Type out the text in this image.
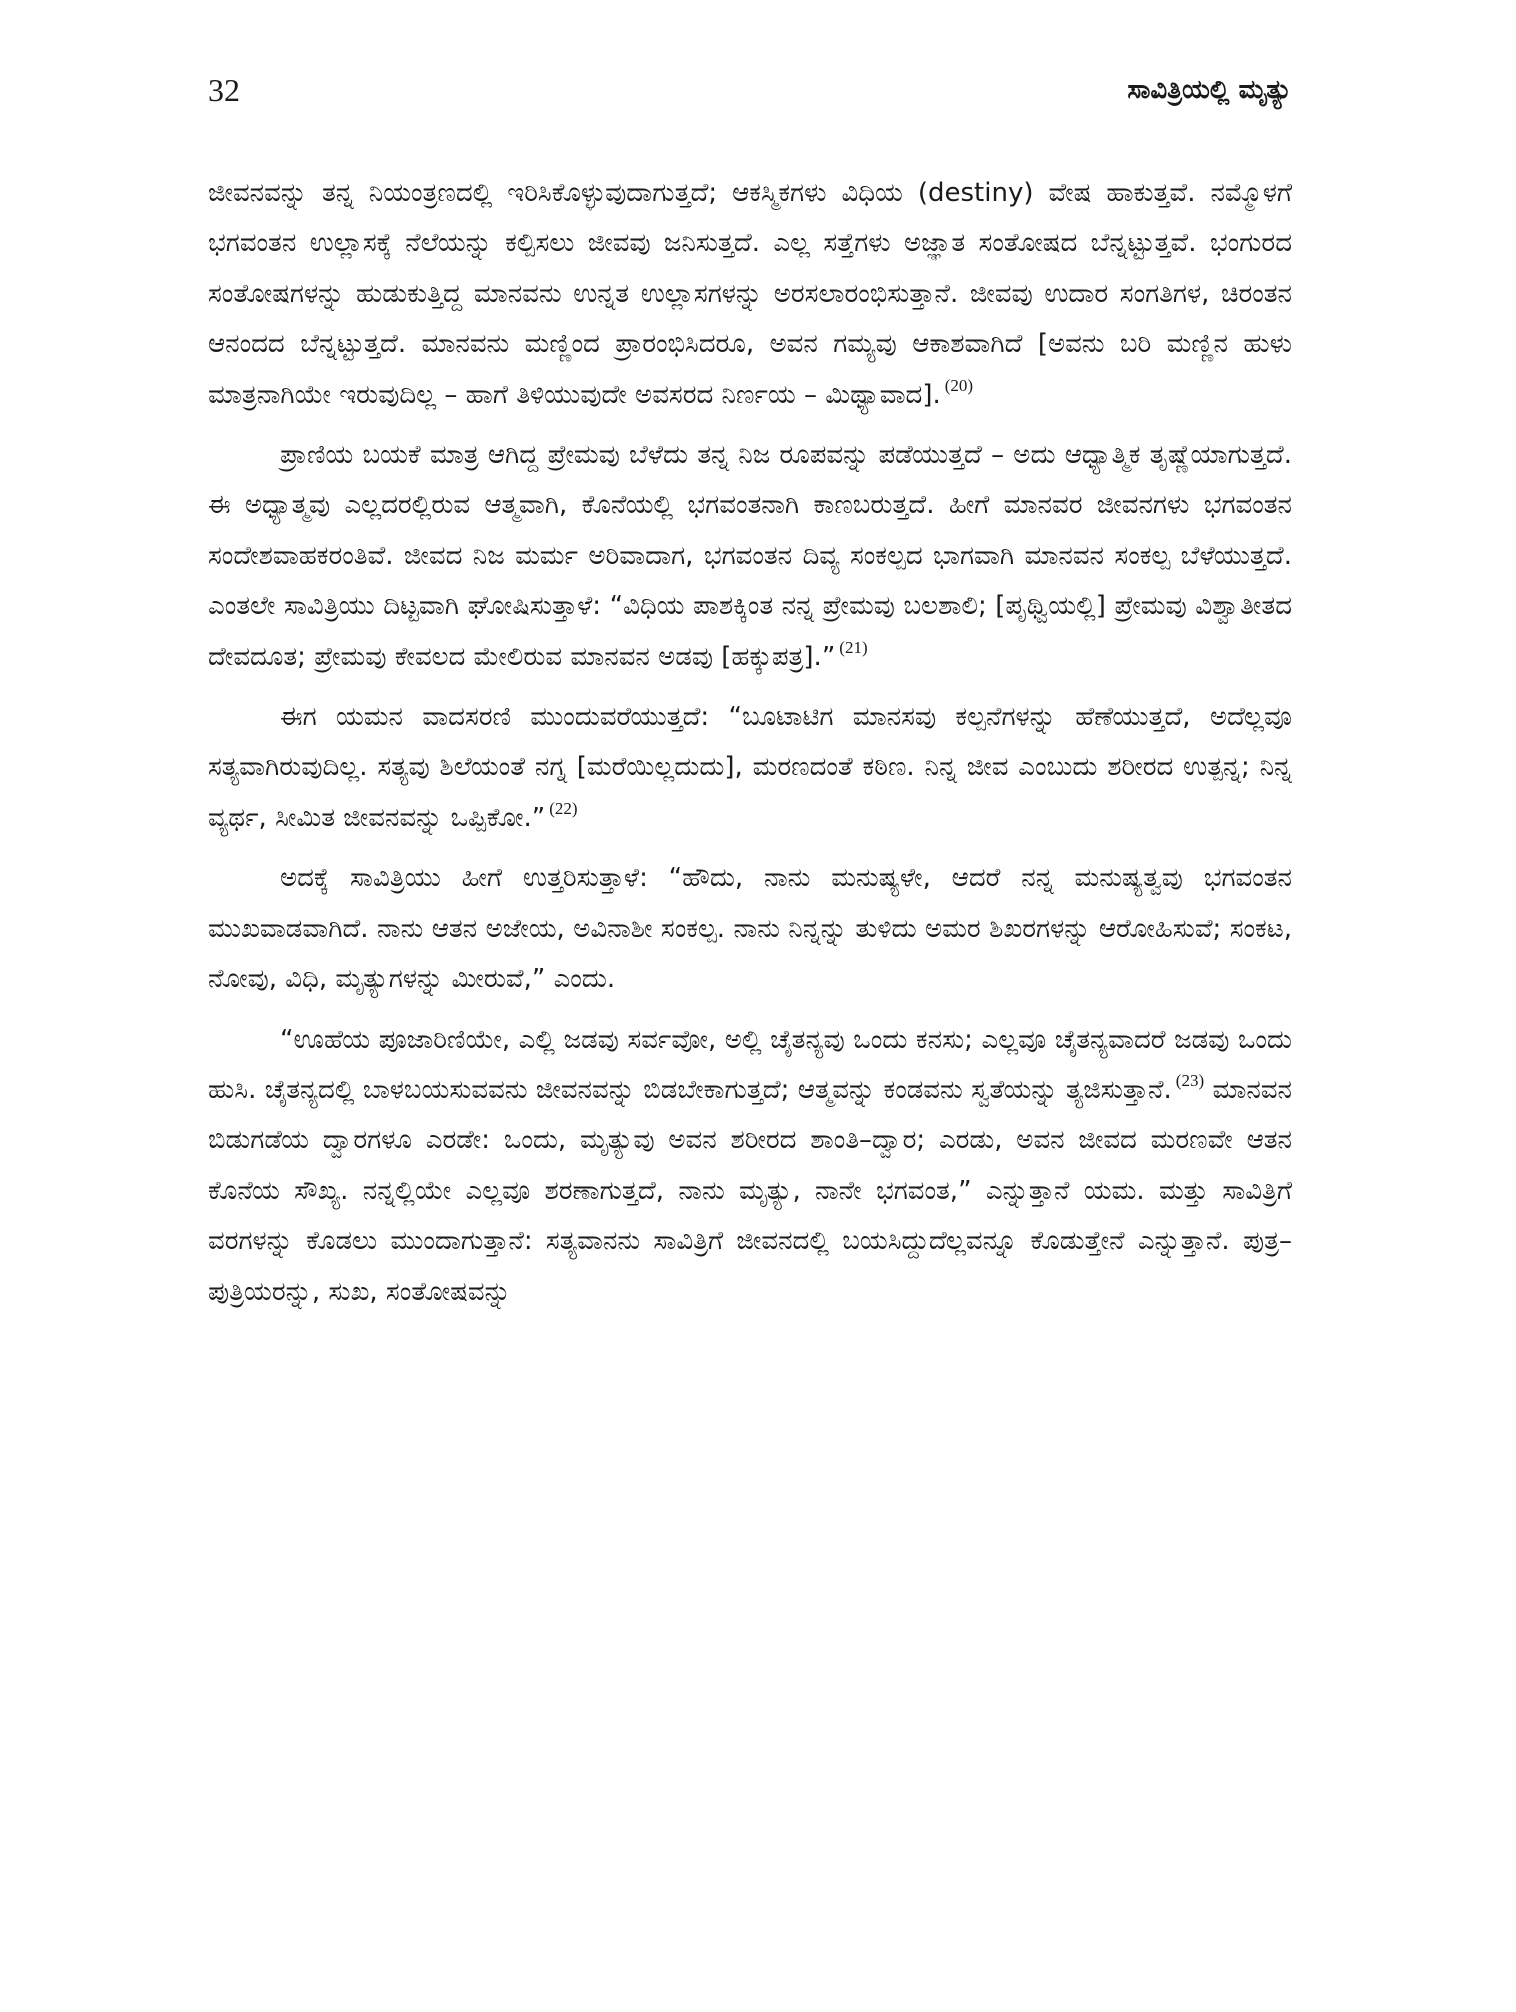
32	ಸಾವಿತ್ರಿಯಲ್ಲಿ ಮೃತ್ಯು

ಜೀವನವನ್ನು ತನ್ನ ನಿಯಂತ್ರಣದಲ್ಲಿ ಇರಿಸಿಕೊಳ್ಳುವುದಾಗುತ್ತದೆ; ಆಕಸ್ಮಿಕಗಳು ವಿಧಿಯ (destiny) ವೇಷ ಹಾಕುತ್ತವೆ. ನಮ್ಮೊಳಗೆ ಭಗವಂತನ ಉಲ್ಲಾಸಕ್ಕೆ ನೆಲೆಯನ್ನು ಕಲ್ಪಿಸಲು ಜೀವವು ಜನಿಸುತ್ತದೆ. ಎಲ್ಲ ಸತ್ತೆಗಳು ಅಜ್ಞಾತ ಸಂತೋಷದ ಬೆನ್ನಟ್ಟುತ್ತವೆ. ಭಂಗುರದ ಸಂತೋಷಗಳನ್ನು ಹುಡುಕುತ್ತಿದ್ದ ಮಾನವನು ಉನ್ನತ ಉಲ್ಲಾಸಗಳನ್ನು ಅರಸಲಾರಂಭಿಸುತ್ತಾನೆ. ಜೀವವು ಉದಾರ ಸಂಗತಿಗಳ, ಚಿರಂತನ ಆನಂದದ ಬೆನ್ನಟ್ಟುತ್ತದೆ. ಮಾನವನು ಮಣ್ಣಿಂದ ಪ್ರಾರಂಭಿಸಿದರೂ, ಅವನ ಗಮ್ಯವು ಆಕಾಶವಾಗಿದೆ [ಅವನು ಬರಿ ಮಣ್ಣಿನ ಹುಳು ಮಾತ್ರನಾಗಿಯೇ ಇರುವುದಿಲ್ಲ – ಹಾಗೆ ತಿಳಿಯುವುದೇ ಅವಸರದ ನಿರ್ಣಯ – ಮಿಥ್ಯಾವಾದ]. $^{(20)}$

ಪ್ರಾಣಿಯ ಬಯಕೆ ಮಾತ್ರ ಆಗಿದ್ದ ಪ್ರೇಮವು ಬೆಳೆದು ತನ್ನ ನಿಜ ರೂಪವನ್ನು ಪಡೆಯುತ್ತದೆ – ಅದು ಆಧ್ಯಾತ್ಮಿಕ ತೃಷ್ಣೆಯಾಗುತ್ತದೆ. ಈ ಅಧ್ಯಾತ್ಮವು ಎಲ್ಲದರಲ್ಲಿರುವ ಆತ್ಮವಾಗಿ, ಕೊನೆಯಲ್ಲಿ ಭಗವಂತನಾಗಿ ಕಾಣಬರುತ್ತದೆ. ಹೀಗೆ ಮಾನವರ ಜೀವನಗಳು ಭಗವಂತನ ಸಂದೇಶವಾಹಕರಂತಿವೆ. ಜೀವದ ನಿಜ ಮರ್ಮ ಅರಿವಾದಾಗ, ಭಗವಂತನ ದಿವ್ಯ ಸಂಕಲ್ಪದ ಭಾಗವಾಗಿ ಮಾನವನ ಸಂಕಲ್ಪ ಬೆಳೆಯುತ್ತದೆ. ಎಂತಲೇ ಸಾವಿತ್ರಿಯು ದಿಟ್ಟವಾಗಿ ಘೋಷಿಸುತ್ತಾಳೆ: “ವಿಧಿಯ ಪಾಶಕ್ಕಿಂತ ನನ್ನ ಪ್ರೇಮವು ಬಲಶಾಲಿ; [ಪೃಥ್ವಿಯಲ್ಲಿ] ಪ್ರೇಮವು ವಿಶ್ವಾತೀತದ ದೇವದೂತ; ಪ್ರೇಮವು ಕೇವಲದ ಮೇಲಿರುವ ಮಾನವನ ಅಡವು [ಹಕ್ಕುಪತ್ರ].” $^{(21)}$

ಈಗ ಯಮನ ವಾದಸರಣಿ ಮುಂದುವರೆಯುತ್ತದೆ: “ಬೂಟಾಟಿಗ ಮಾನಸವು ಕಲ್ಪನೆಗಳನ್ನು ಹೆಣೆಯುತ್ತದೆ, ಅದೆಲ್ಲವೂ ಸತ್ಯವಾಗಿರುವುದಿಲ್ಲ. ಸತ್ಯವು ಶಿಲೆಯಂತೆ ನಗ್ನ [ಮರೆಯಿಲ್ಲದುದು], ಮರಣದಂತೆ ಕಠಿಣ. ನಿನ್ನ ಜೀವ ಎಂಬುದು ಶರೀರದ ಉತ್ಪನ್ನ; ನಿನ್ನ ವ್ಯರ್ಥ, ಸೀಮಿತ ಜೀವನವನ್ನು ಒಪ್ಪಿಕೋ.” $^{(22)}$

ಅದಕ್ಕೆ ಸಾವಿತ್ರಿಯು ಹೀಗೆ ಉತ್ತರಿಸುತ್ತಾಳೆ: “ಹೌದು, ನಾನು ಮನುಷ್ಯಳೇ, ಆದರೆ ನನ್ನ ಮನುಷ್ಯತ್ವವು ಭಗವಂತನ ಮುಖವಾಡವಾಗಿದೆ. ನಾನು ಆತನ ಅಜೇಯ, ಅವಿನಾಶೀ ಸಂಕಲ್ಪ. ನಾನು ನಿನ್ನನ್ನು ತುಳಿದು ಅಮರ ಶಿಖರಗಳನ್ನು ಆರೋಹಿಸುವೆ; ಸಂಕಟ, ನೋವು, ವಿಧಿ, ಮೃತ್ಯುಗಳನ್ನು ಮೀರುವೆ,” ಎಂದು.

“ಊಹೆಯ ಪೂಜಾರಿಣಿಯೇ, ಎಲ್ಲಿ ಜಡವು ಸರ್ವವೋ, ಅಲ್ಲಿ ಚೈತನ್ಯವು ಒಂದು ಕನಸು; ಎಲ್ಲವೂ ಚೈತನ್ಯವಾದರೆ ಜಡವು ಒಂದು ಹುಸಿ. ಚೈತನ್ಯದಲ್ಲಿ ಬಾಳಬಯಸುವವನು ಜೀವನವನ್ನು ಬಿಡಬೇಕಾಗುತ್ತದೆ; ಆತ್ಮವನ್ನು ಕಂಡವನು ಸ್ವತೆಯನ್ನು ತ್ಯಜಿಸುತ್ತಾನೆ. $^{(23)}$ ಮಾನವನ ಬಿಡುಗಡೆಯ ದ್ವಾರಗಳೂ ಎರಡೇ: ಒಂದು, ಮೃತ್ಯುವು ಅವನ ಶರೀರದ ಶಾಂತಿ–ದ್ವಾರ; ಎರಡು, ಅವನ ಜೀವದ ಮರಣವೇ ಆತನ ಕೊನೆಯ ಸೌಖ್ಯ. ನನ್ನಲ್ಲಿಯೇ ಎಲ್ಲವೂ ಶರಣಾಗುತ್ತದೆ, ನಾನು ಮೃತ್ಯು, ನಾನೇ ಭಗವಂತ,” ಎನ್ನುತ್ತಾನೆ ಯಮ. ಮತ್ತು ಸಾವಿತ್ರಿಗೆ ವರಗಳನ್ನು ಕೊಡಲು ಮುಂದಾಗುತ್ತಾನೆ: ಸತ್ಯವಾನನು ಸಾವಿತ್ರಿಗೆ ಜೀವನದಲ್ಲಿ ಬಯಸಿದ್ದುದೆಲ್ಲವನ್ನೂ ಕೊಡುತ್ತೇನೆ ಎನ್ನುತ್ತಾನೆ. ಪುತ್ರ–ಪುತ್ರಿಯರನ್ನು, ಸುಖ, ಸಂತೋಷವನ್ನು
